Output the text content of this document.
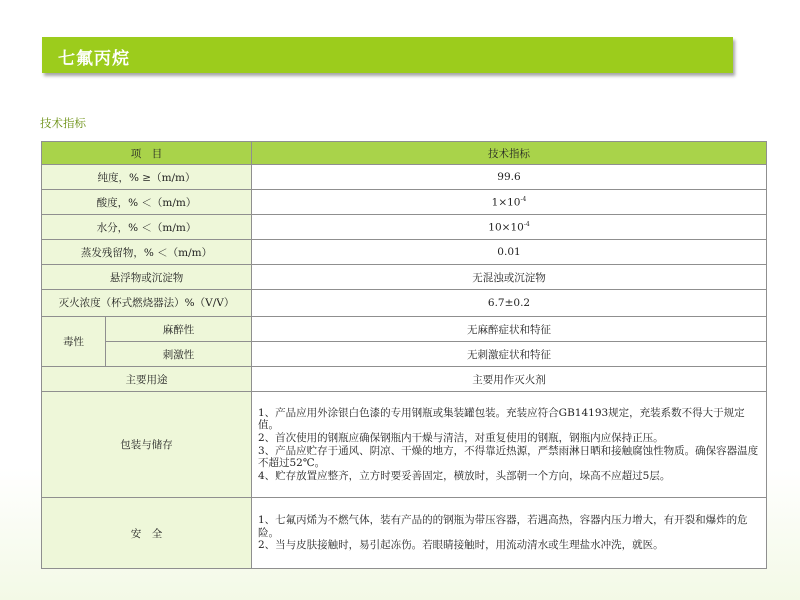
七氟丙烷
技术指标
项　目		技术指标
纯度，% ≥（m/m）		99.6
酸度，% ＜（m/m）		$1\times 10^{-4}$
水分，% ＜（m/m）		$10\times 10^{-4}$
蒸发残留物，% ＜（m/m）		0.01
悬浮物或沉淀物		无混浊或沉淀物
灭火浓度（杯式燃烧器法）%（V/V）		6.7±0.2
毒性	麻醉性	无麻醉症状和特征
	刺激性	无刺激症状和特征
主要用途		主要用作灭火剂
包装与储存		1、产品应用外涂银白色漆的专用钢瓶或集装罐包装。充装应符合GB14193规定，充装系数不得大于规定值。
2、首次使用的钢瓶应确保钢瓶内干燥与清洁，对重复使用的钢瓶，钢瓶内应保持正压。
3、产品应贮存于通风、阴凉、干燥的地方，不得靠近热源，严禁雨淋日晒和接触腐蚀性物质。确保容器温度不超过52℃。
4、贮存放置应整齐，立方时要妥善固定，横放时，头部朝一个方向，垛高不应超过5层。

安　全		1、七氟丙烯为不燃气体，装有产品的的钢瓶为带压容器，若遇高热，容器内压力增大，有开裂和爆炸的危险。
2、当与皮肤接触时，易引起冻伤。若眼睛接触时，用流动清水或生理盐水冲洗，就医。
